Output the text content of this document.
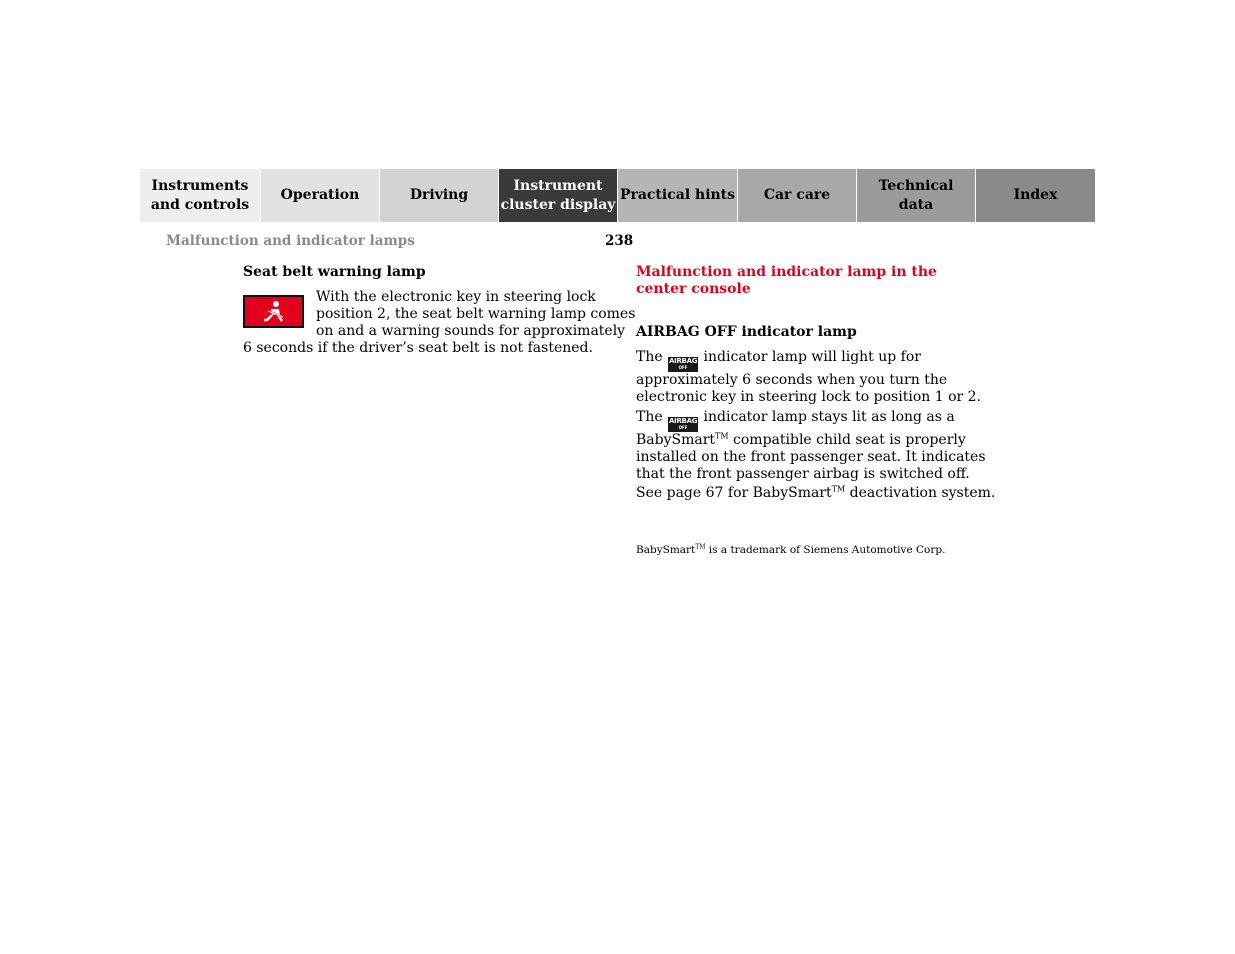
Instruments
and controls
Operation	Driving
Instrument
cluster display
Practical hints	Car care
Technical
data
Index
Malfunction and indicator lamps	238
Seat belt warning lamp
With the electronic key in steering lock
position 2, the seat belt warning lamp comes
on and a warning sounds for approximately
6 seconds if the driver’s seat belt is not fastened.
Malfunction and indicator lamp in the center console
AIRBAG OFF indicator lamp
The AIRBAG
OFF
indicator lamp will light up for approximately 6 seconds when you turn the electronic key in steering lock to position 1 or 2.
The AIRBAG
OFF
indicator lamp stays lit as long as a BabySmart™ compatible child seat is properly installed on the front passenger seat. It indicates that the front passenger airbag is switched off.
See page 67 for BabySmart™ deactivation system.
BabySmart™ is a trademark of Siemens Automotive Corp.
